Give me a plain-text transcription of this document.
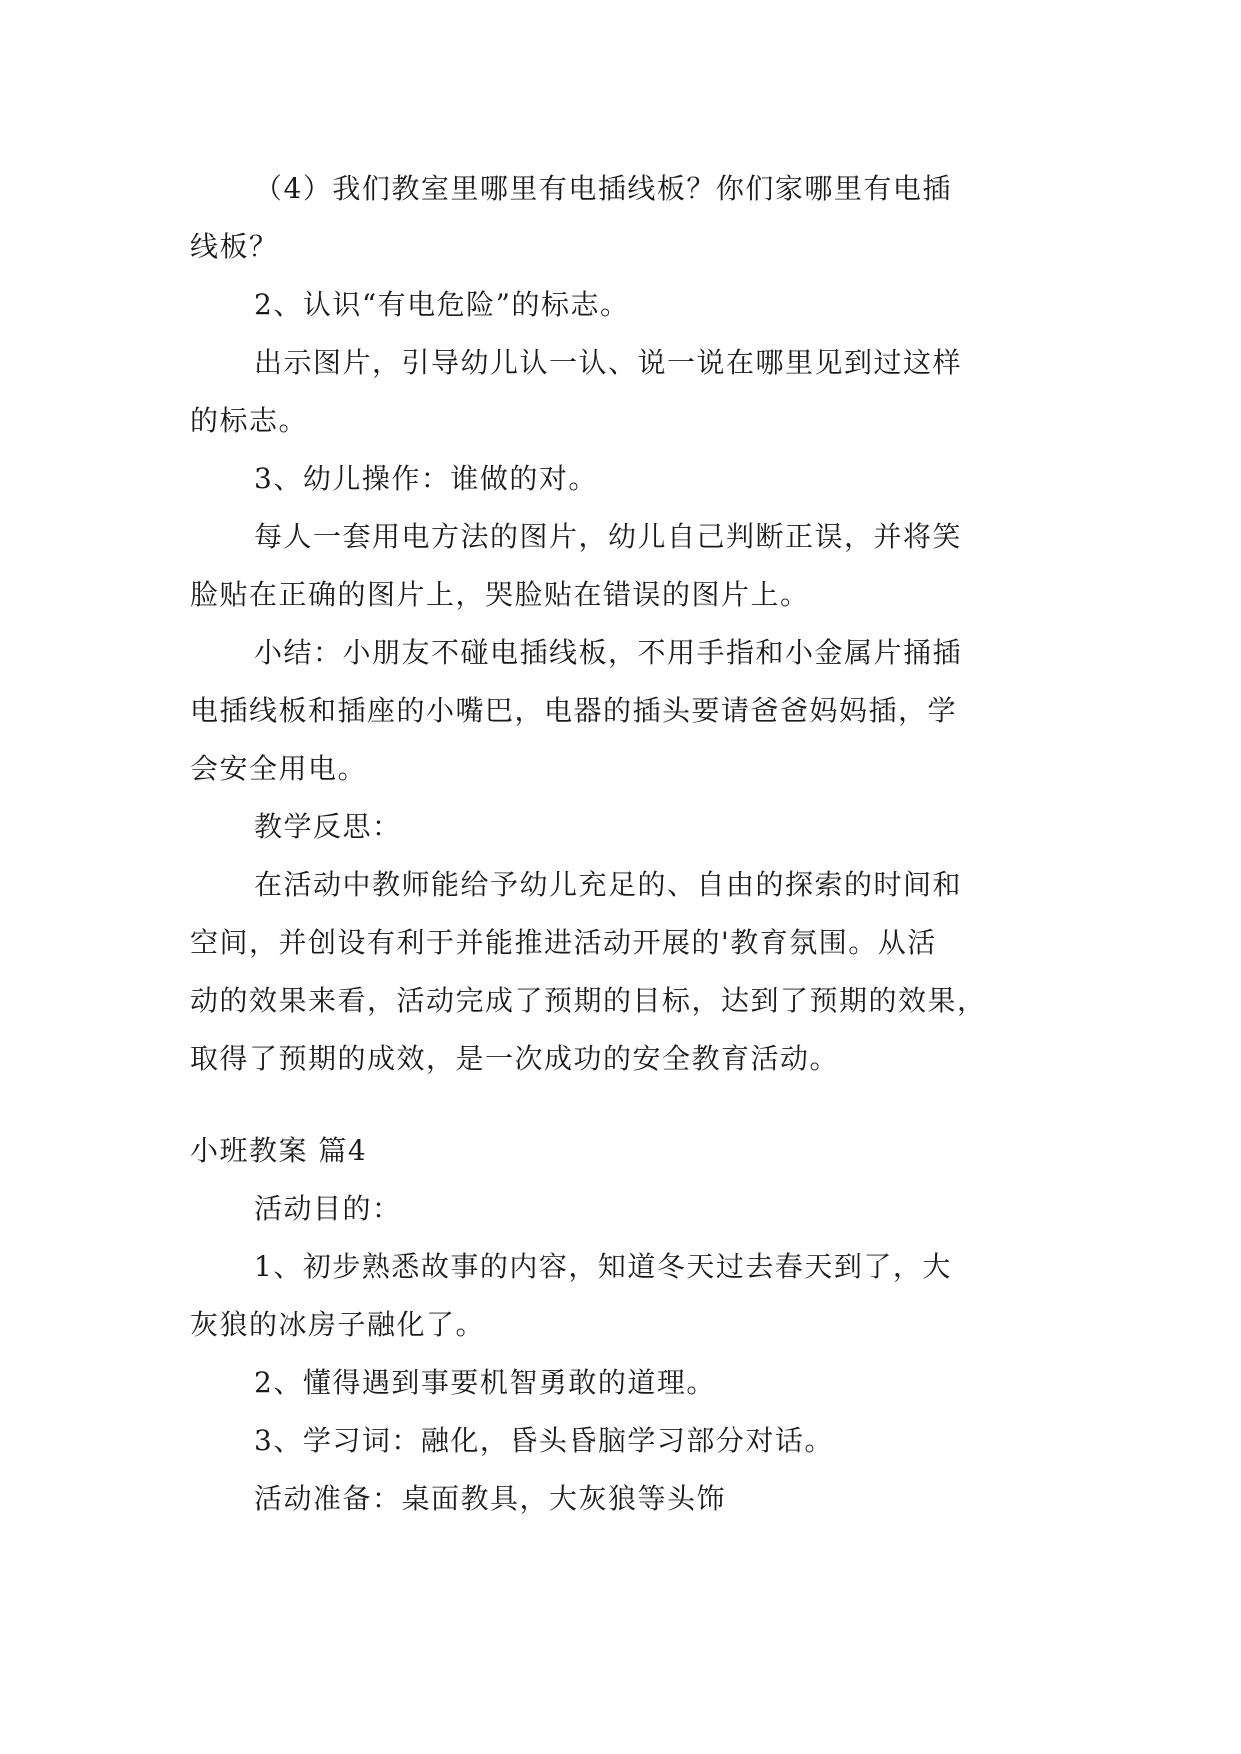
（4）我们教室里哪里有电插线板？你们家哪里有电插
线板？
2、认识“有电危险”的标志。
出示图片，引导幼儿认一认、说一说在哪里见到过这样
的标志。
3、幼儿操作：谁做的对。
每人一套用电方法的图片，幼儿自己判断正误，并将笑
脸贴在正确的图片上，哭脸贴在错误的图片上。
小结：小朋友不碰电插线板，不用手指和小金属片捅插
电插线板和插座的小嘴巴，电器的插头要请爸爸妈妈插，学
会安全用电。
教学反思：
在活动中教师能给予幼儿充足的、自由的探索的时间和
空间，并创设有利于并能推进活动开展的'教育氛围。从活
动的效果来看，活动完成了预期的目标，达到了预期的效果，
取得了预期的成效，是一次成功的安全教育活动。
小班教案 篇4
活动目的：
1、初步熟悉故事的内容，知道冬天过去春天到了，大
灰狼的冰房子融化了。
2、懂得遇到事要机智勇敢的道理。
3、学习词：融化，昏头昏脑学习部分对话。
活动准备：桌面教具，大灰狼等头饰
